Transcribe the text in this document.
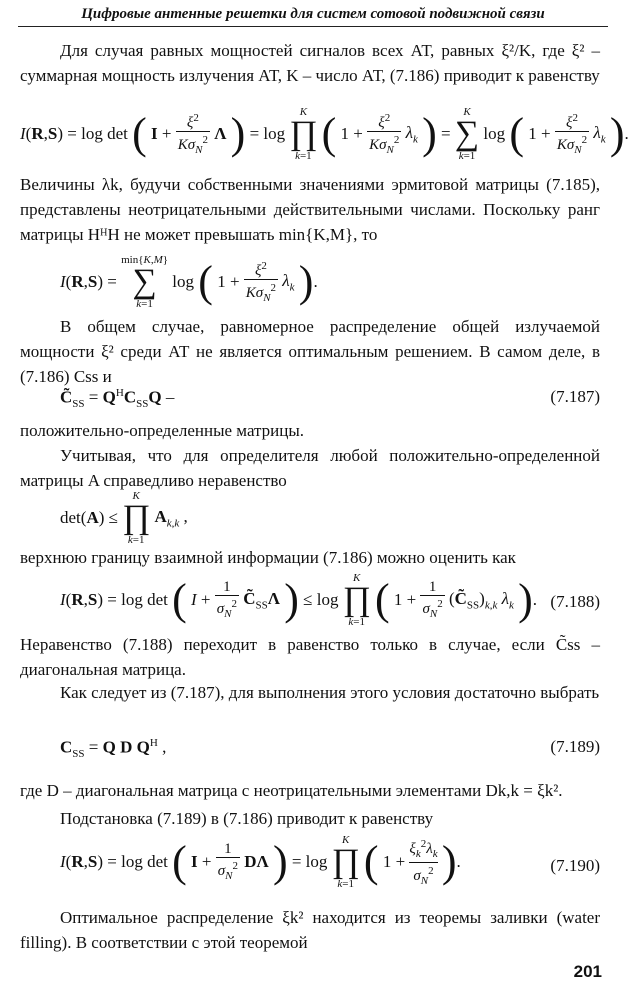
Цифровые антенные решетки для систем сотовой подвижной связи

Для случая равных мощностей сигналов всех АТ, равных ξ²/K, где ξ² – суммарная мощность излучения АТ, K – число АТ, (7.186) приводит к равенству

I(R,S) = log det ( $I + \frac{\xi^2}{K\sigma_N^2}$ Λ ) = log K
∏
k=1 ( $1 + \frac{\xi^2}{K\sigma_N^2} \lambda_k$ ) = K
∑
k=1 log ( $1 + \frac{\xi^2}{K\sigma_N^2} \lambda_k$ ).

Величины λk, будучи собственными значениями эрмитовой матрицы (7.185), представлены неотрицательными действительными числами. Поскольку ранг матрицы HᴴH не может превышать min{K,M}, то

I(R,S) = min{K,M}
∑
k=1 log ( $1 + \frac{\xi^2}{K\sigma_N^2} \lambda_k$ ).

В общем случае, равномерное распределение общей излучаемой мощности ξ² среди АТ не является оптимальным решением. В самом деле, в (7.186) Css и

$C̃_{SS} = Q^HC_{SS}Q$ –	(7.187)

положительно-определенные матрицы.

Учитывая, что для определителя любой положительно-определенной матрицы A справедливо неравенство

det(A) ≤ K
∏
k=1 $A_{k,k}$ ,

верхнюю границу взаимной информации (7.186) можно оценить как

I(R,S) = log det ( $I + \frac{1}{\sigma_N^2}$ $C̃_{SS}\Lambda$ ) ≤ log K
∏
k=1 ( $1 + \frac{1}{\sigma_N^2}$ $(C̃_{SS})_{k,k}$ $\lambda_k$ ). (7.188)

Неравенство (7.188) переходит в равенство только в случае, если C̃ss – диагональная матрица.

Как следует из (7.187), для выполнения этого условия достаточно выбрать

$C_{SS} = Q$ D $Q^H$ ,	(7.189)

где D – диагональная матрица с неотрицательными элементами Dk,k = ξk².

Подстановка (7.189) в (7.186) приводит к равенству

I(R,S) = log det ( $I + \frac{1}{\sigma_N^2}$ DΛ ) = log K
∏
k=1 ( $1 + \frac{\xi_k^2\lambda_k}{\sigma_N^2}$ ).	(7.190)

Оптимальное распределение ξk² находится из теоремы заливки (water filling). В соответствии с этой теоремой

201
